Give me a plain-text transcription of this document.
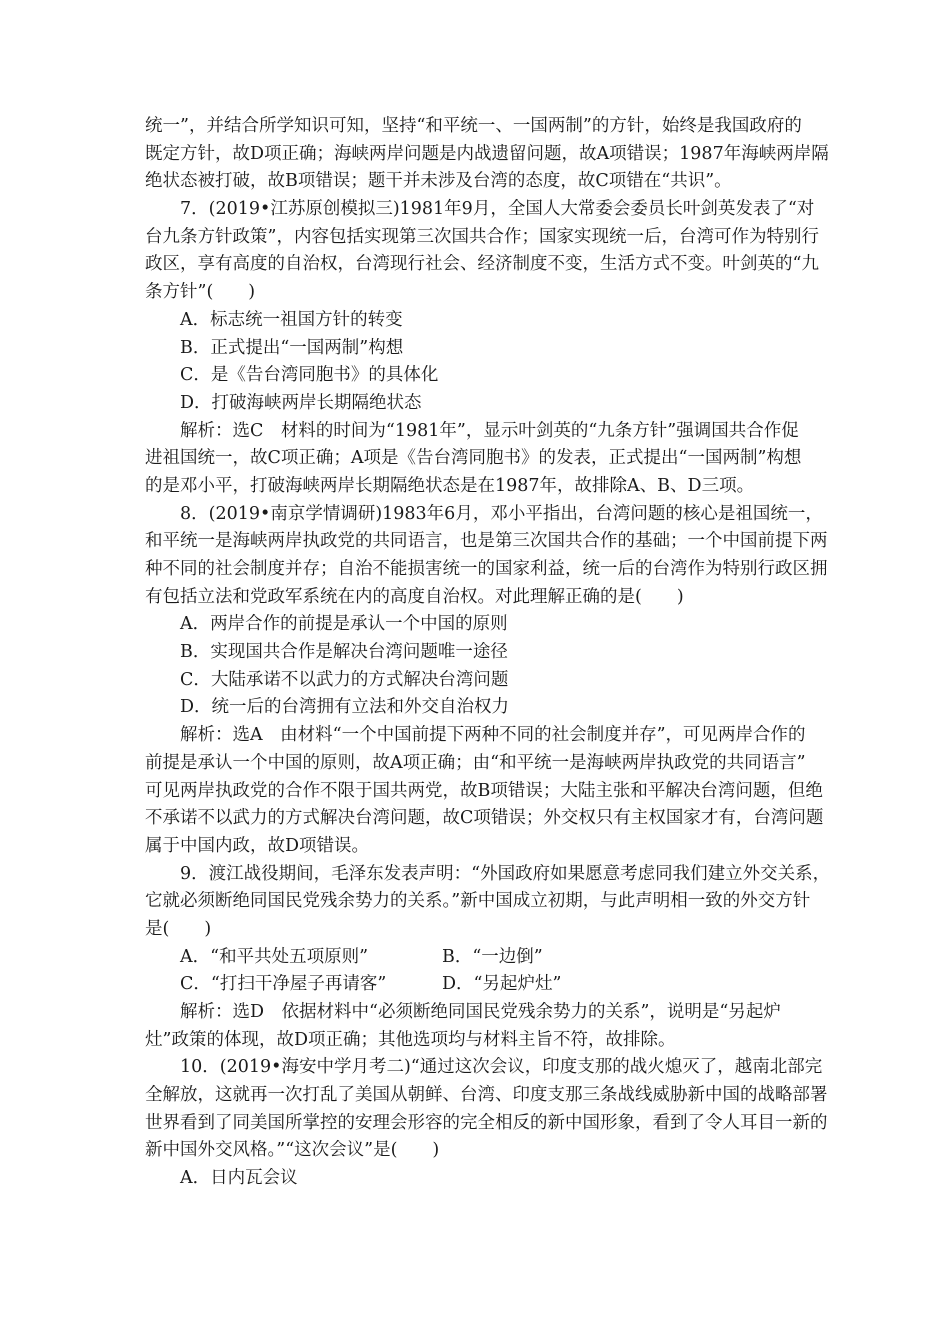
统一”，并结合所学知识可知，坚持“和平统一、一国两制”的方针，始终是我国政府的
既定方针，故D项正确；海峡两岸问题是内战遗留问题，故A项错误；1987年海峡两岸隔
绝状态被打破，故B项错误；题干并未涉及台湾的态度，故C项错在“共识”。
7．(2019•江苏原创模拟三)1981年9月，全国人大常委会委员长叶剑英发表了“对
台九条方针政策”，内容包括实现第三次国共合作；国家实现统一后，台湾可作为特别行
政区，享有高度的自治权，台湾现行社会、经济制度不变，生活方式不变。叶剑英的“九
条方针”(　　)
A．标志统一祖国方针的转变
B．正式提出“一国两制”构想
C．是《告台湾同胞书》的具体化
D．打破海峡两岸长期隔绝状态
解析：选C　材料的时间为“1981年”，显示叶剑英的“九条方针”强调国共合作促
进祖国统一，故C项正确；A项是《告台湾同胞书》的发表，正式提出“一国两制”构想
的是邓小平，打破海峡两岸长期隔绝状态是在1987年，故排除A、B、D三项。
8．(2019•南京学情调研)1983年6月，邓小平指出，台湾问题的核心是祖国统一，
和平统一是海峡两岸执政党的共同语言，也是第三次国共合作的基础；一个中国前提下两
种不同的社会制度并存；自治不能损害统一的国家利益，统一后的台湾作为特别行政区拥
有包括立法和党政军系统在内的高度自治权。对此理解正确的是(　　)
A．两岸合作的前提是承认一个中国的原则
B．实现国共合作是解决台湾问题唯一途径
C．大陆承诺不以武力的方式解决台湾问题
D．统一后的台湾拥有立法和外交自治权力
解析：选A　由材料“一个中国前提下两种不同的社会制度并存”，可见两岸合作的
前提是承认一个中国的原则，故A项正确；由“和平统一是海峡两岸执政党的共同语言”
可见两岸执政党的合作不限于国共两党，故B项错误；大陆主张和平解决台湾问题，但绝
不承诺不以武力的方式解决台湾问题，故C项错误；外交权只有主权国家才有，台湾问题
属于中国内政，故D项错误。
9．渡江战役期间，毛泽东发表声明：“外国政府如果愿意考虑同我们建立外交关系，
它就必须断绝同国民党残余势力的关系。”新中国成立初期，与此声明相一致的外交方针
是(　　)
A．“和平共处五项原则”	B．“一边倒”
C．“打扫干净屋子再请客”	D．“另起炉灶”
解析：选D　依据材料中“必须断绝同国民党残余势力的关系”，说明是“另起炉
灶”政策的体现，故D项正确；其他选项均与材料主旨不符，故排除。
10．(2019•海安中学月考二)“通过这次会议，印度支那的战火熄灭了，越南北部完
全解放，这就再一次打乱了美国从朝鲜、台湾、印度支那三条战线威胁新中国的战略部署
世界看到了同美国所掌控的安理会形容的完全相反的新中国形象，看到了令人耳目一新的
新中国外交风格。”“这次会议”是(　　)
A．日内瓦会议
